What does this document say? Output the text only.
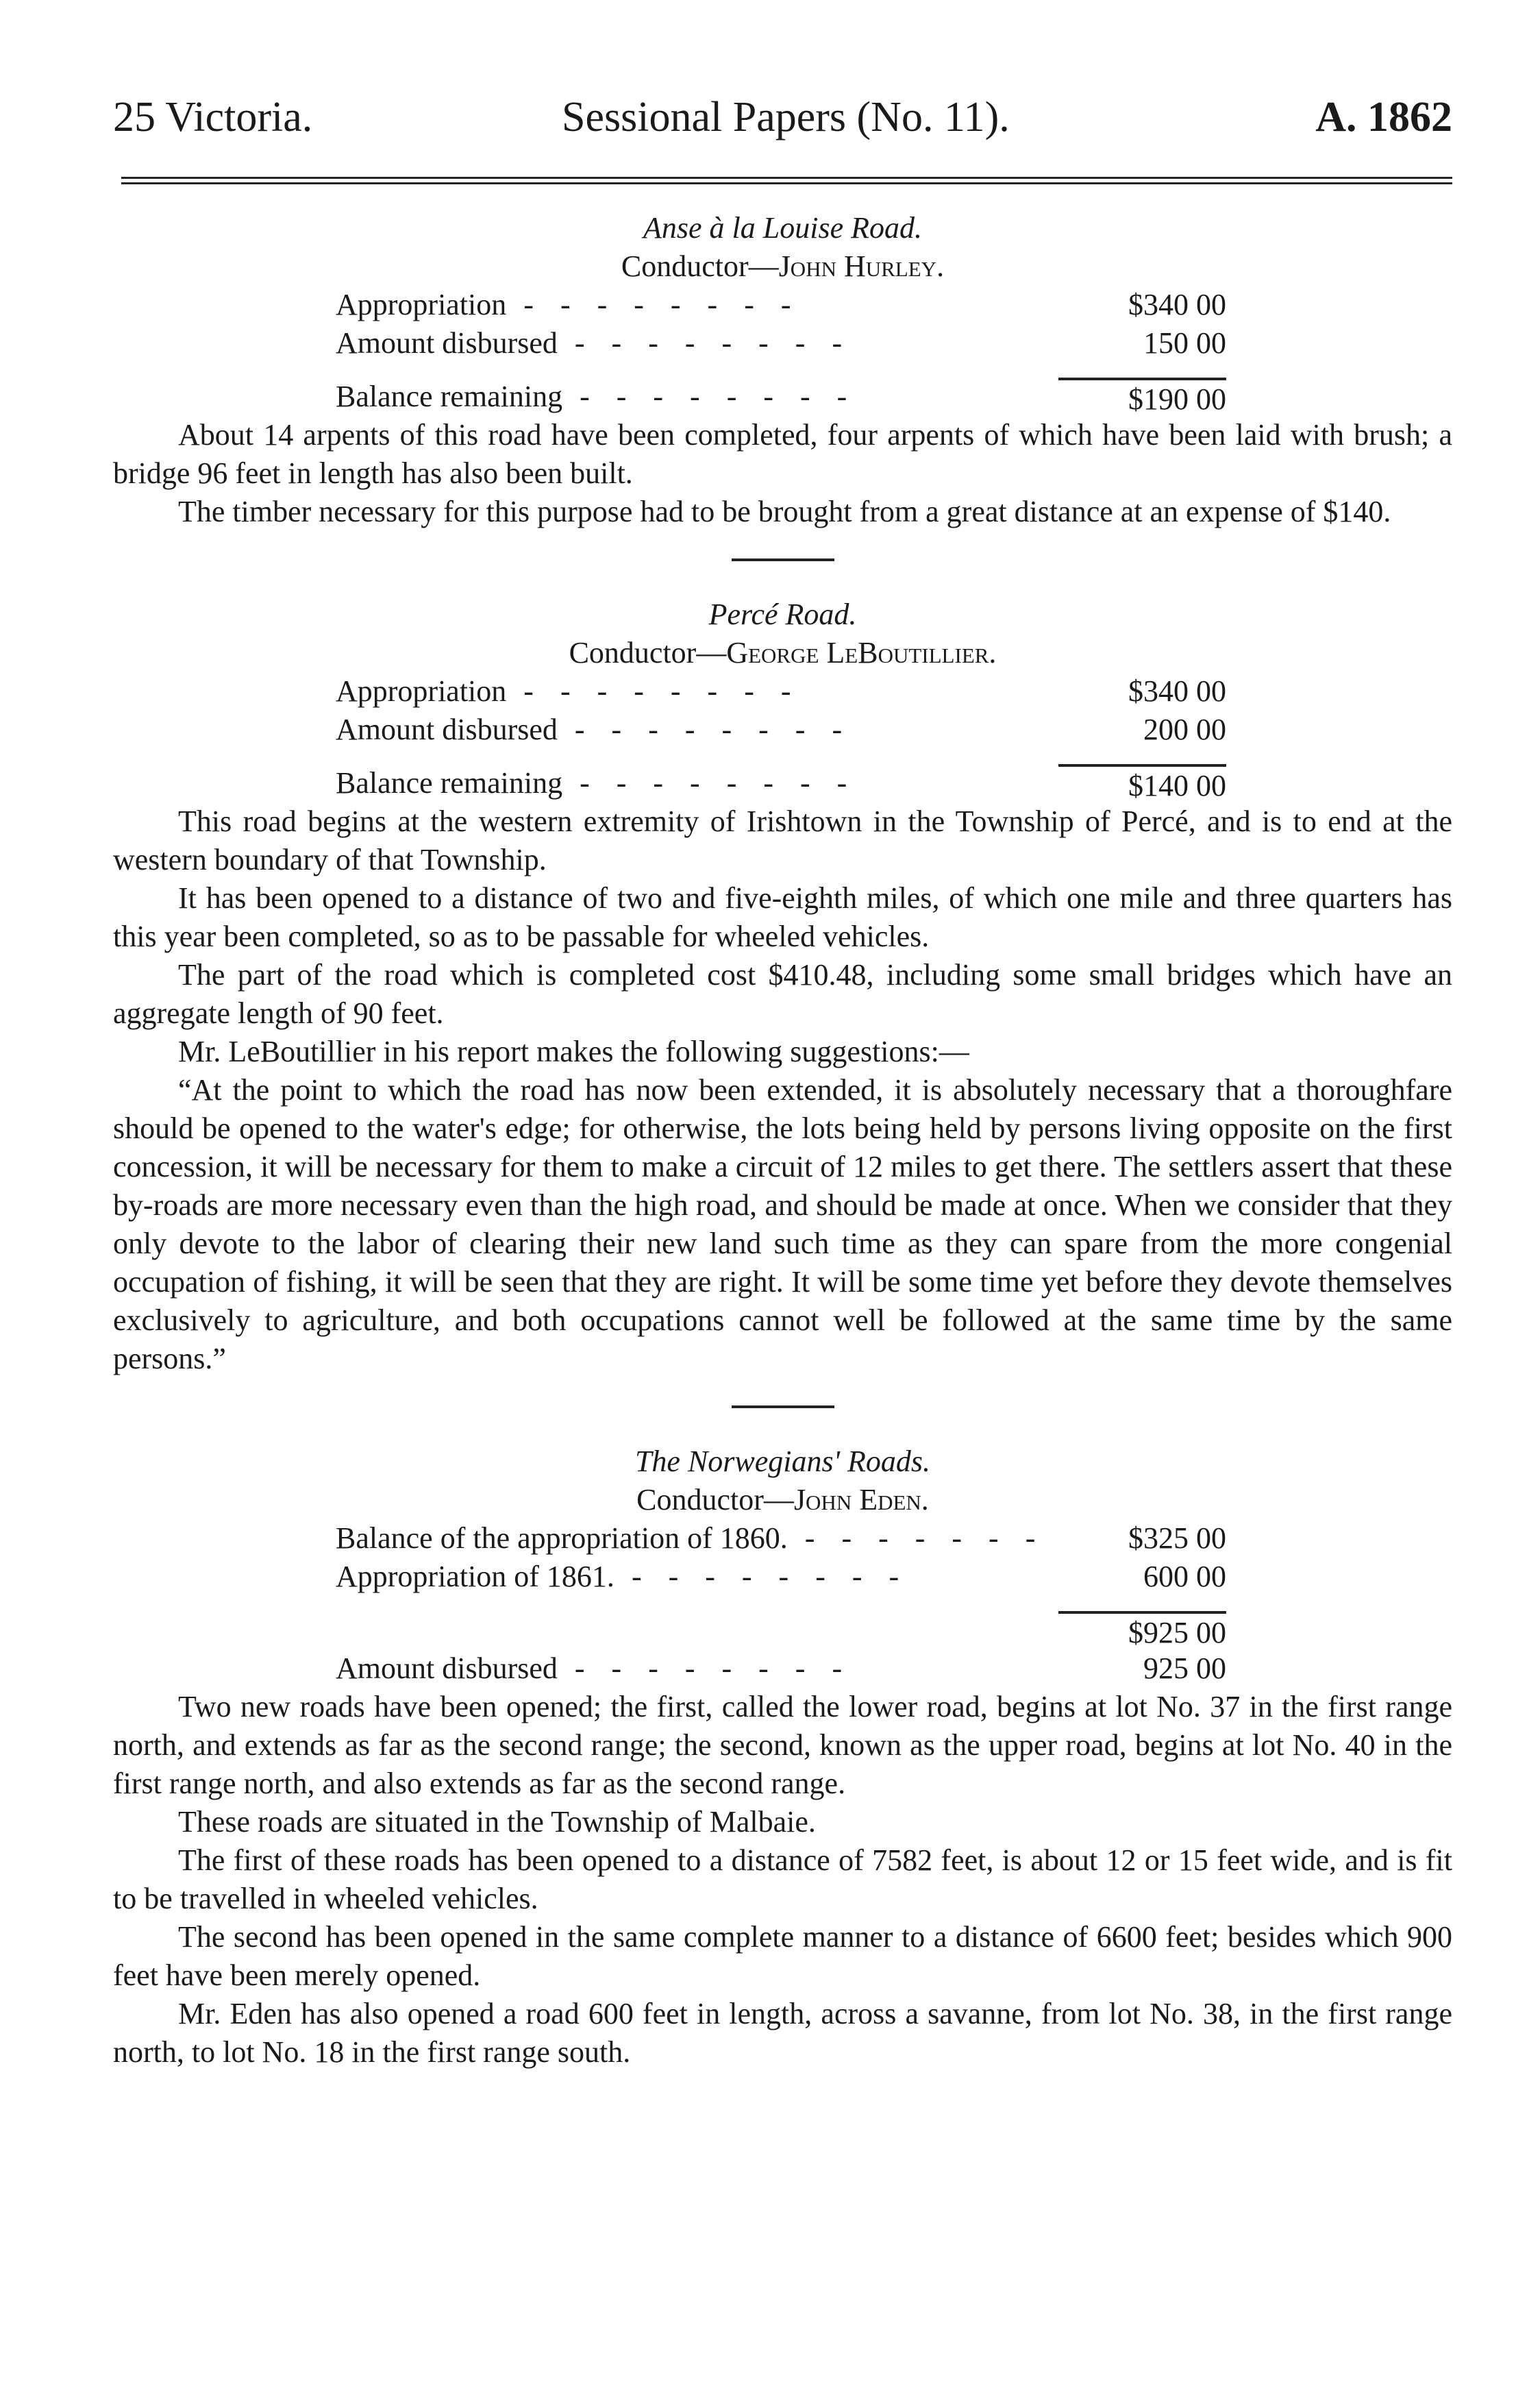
25 Victoria.	Sessional Papers (No. 11).	A. 1862

Anse à la Louise Road.

Conductor—John Hurley.

Appropriation - -	$340 00
Amount disbursed - -	150 00
Balance remaining - -	$190 00

About 14 arpents of this road have been completed, four arpents of which have been laid with brush; a bridge 96 feet in length has also been built.

The timber necessary for this purpose had to be brought from a great distance at an expense of $140.

Percé Road.

Conductor—George LeBoutillier.

Appropriation - -	$340 00
Amount disbursed - -	200 00
Balance remaining - -	$140 00

This road begins at the western extremity of Irishtown in the Township of Percé, and is to end at the western boundary of that Township.

It has been opened to a distance of two and five-eighth miles, of which one mile and three quarters has this year been completed, so as to be passable for wheeled vehicles.

The part of the road which is completed cost $410.48, including some small bridges which have an aggregate length of 90 feet.

Mr. LeBoutillier in his report makes the following suggestions:—

“At the point to which the road has now been extended, it is absolutely necessary that a thoroughfare should be opened to the water's edge; for otherwise, the lots being held by persons living opposite on the first concession, it will be necessary for them to make a circuit of 12 miles to get there. The settlers assert that these by-roads are more necessary even than the high road, and should be made at once. When we consider that they only devote to the labor of clearing their new land such time as they can spare from the more congenial occupation of fishing, it will be seen that they are right. It will be some time yet before they devote themselves exclusively to agriculture, and both occupations cannot well be followed at the same time by the same persons.”

The Norwegians' Roads.

Conductor—John Eden.

Balance of the appropriation of 1860. - -	$325 00
Appropriation of 1861. - -	600 00
$925 00
Amount disbursed - -	925 00

Two new roads have been opened; the first, called the lower road, begins at lot No. 37 in the first range north, and extends as far as the second range; the second, known as the upper road, begins at lot No. 40 in the first range north, and also extends as far as the second range.

These roads are situated in the Township of Malbaie.

The first of these roads has been opened to a distance of 7582 feet, is about 12 or 15 feet wide, and is fit to be travelled in wheeled vehicles.

The second has been opened in the same complete manner to a distance of 6600 feet; besides which 900 feet have been merely opened.

Mr. Eden has also opened a road 600 feet in length, across a savanne, from lot No. 38, in the first range north, to lot No. 18 in the first range south.
